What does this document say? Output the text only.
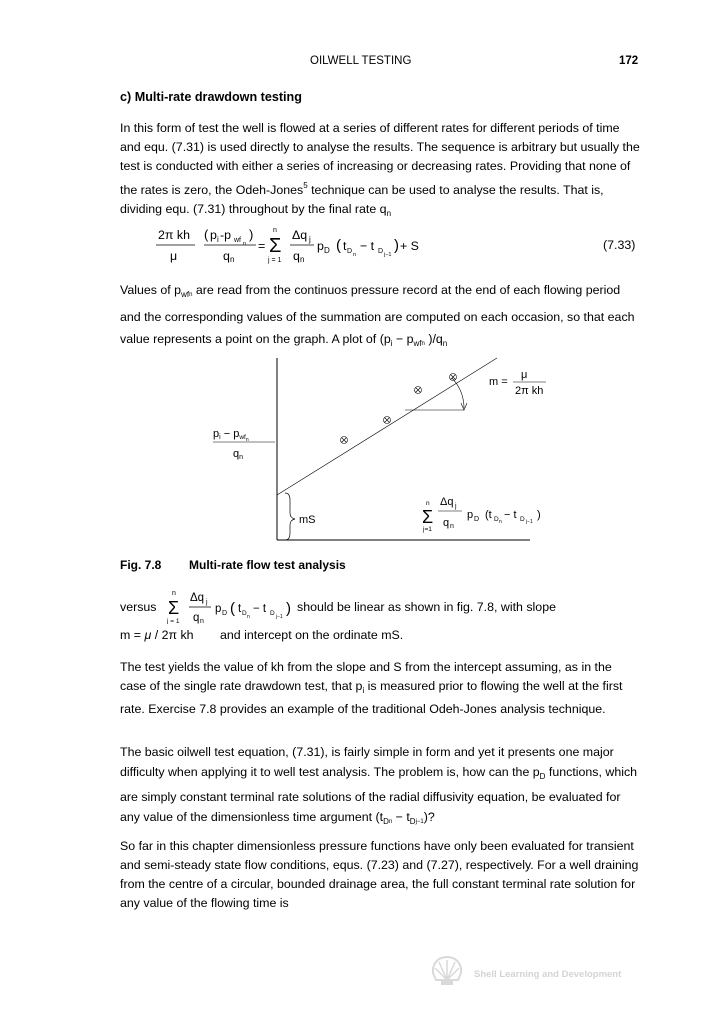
OILWELL TESTING	172
c) Multi-rate drawdown testing

In this form of test the well is flowed at a series of different rates for different periods of time and equ. (7.31) is used directly to analyse the results. The sequence is arbitrary but usually the test is conducted with either a series of increasing or decreasing rates. Providing that none of the rates is zero, the Odeh-Jones$^5$ technique can be used to analyse the results. That is, dividing equ. (7.31) throughout by the final rate $q_n$

2π kh
μ
( p i -p wf n
)
q n
=
n
Σ
j = 1
Δq j
q n
p D ( t D n
− t D j−1
) + S	(7.33)

Values of $p_{wf}n$ are read from the continuos pressure record at the end of each flowing period and the corresponding values of the summation are computed on each occasion, so that each value represents a point on the graph. A plot of ($p_i - p_{wf}n$ )$/q_n$

m =
μ
2π kh
pi − pwfn
qn
mS
n
Σ
j=1
Δq j
q n
p D (t D n
− t D j−1
)
Fig. 7.8 Multi-rate flow test analysis
versus
n
Σ
j = 1
Δq j
q n
p D ( t D n
− t D j−1 ) should be linear as shown in fig. 7.8, with slope
m = μ / 2π kh and intercept on the ordinate mS.

The test yields the value of kh from the slope and S from the intercept assuming, as in the case of the single rate drawdown test, that $p_i$ is measured prior to flowing the well at the first rate. Exercise 7.8 provides an example of the traditional Odeh-Jones analysis technique.

The basic oilwell test equation, (7.31), is fairly simple in form and yet it presents one major difficulty when applying it to well test analysis. The problem is, how can the $p_D$ functions, which are simply constant terminal rate solutions of the radial diffusivity equation, be evaluated for any value of the dimensionless time argument $(t_Dn - t_Dj-1)$?

So far in this chapter dimensionless pressure functions have only been evaluated for transient and semi-steady state flow conditions, equs. (7.23) and (7.27), respectively. For a well draining from the centre of a circular, bounded drainage area, the full constant terminal rate solution for any value of the flowing time is

Shell Learning and Development
